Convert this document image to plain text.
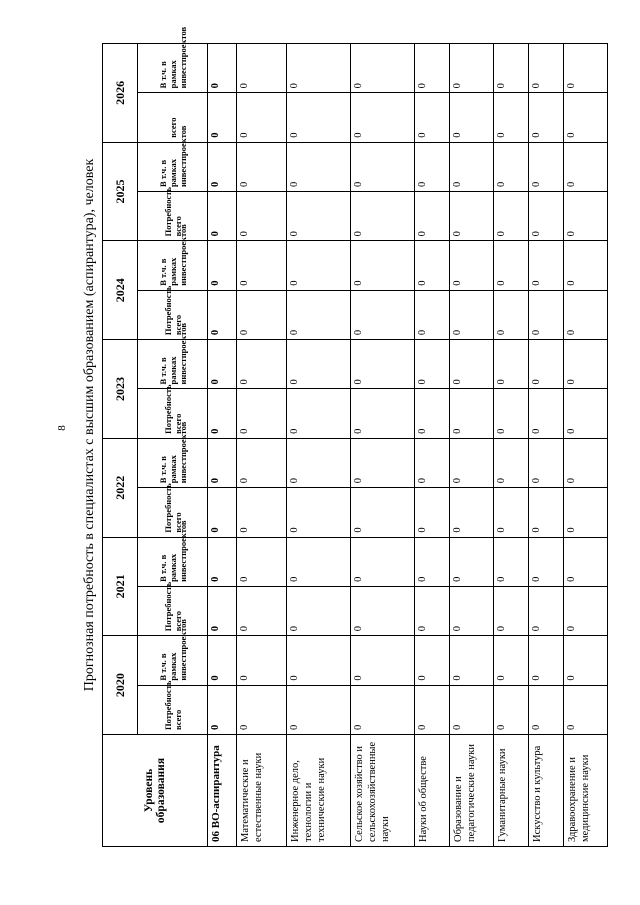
8 Прогнозная потребность в специалистах с высшим образованием (аспирантура), человек
Уровень образования	2020		2021		2022		2023		2024		2025		2026	
	Потребность всего	В т.ч. в рамках инвестпроектов	Потребность всего	В т.ч. в рамках инвестпроектов	Потребность всего	В т.ч. в рамках инвестпроектов	Потребность всего	В т.ч. в рамках инвестпроектов	Потребность всего	В т.ч. в рамках инвестпроектов	Потребность всего	В т.ч. в рамках инвестпроектов	всего	В т.ч. в рамках инвестпроектов
06 ВО-аспирантура	0	0	0	0	0	0	0	0	0	0	0	0	0	0
Математические и естественные науки	0	0	0	0	0	0	0	0	0	0	0	0	0	0
Инженерное дело, технологии и технические науки	0	0	0	0	0	0	0	0	0	0	0	0	0	0
Сельское хозяйство и сельскохозяйственные науки	0	0	0	0	0	0	0	0	0	0	0	0	0	0
Науки об обществе	0	0	0	0	0	0	0	0	0	0	0	0	0	0
Образование и педагогические науки	0	0	0	0	0	0	0	0	0	0	0	0	0	0
Гуманитарные науки	0	0	0	0	0	0	0	0	0	0	0	0	0	0
Искусство и культура	0	0	0	0	0	0	0	0	0	0	0	0	0	0
Здравоохранение и медицинские науки	0	0	0	0	0	0	0	0	0	0	0	0	0	0
